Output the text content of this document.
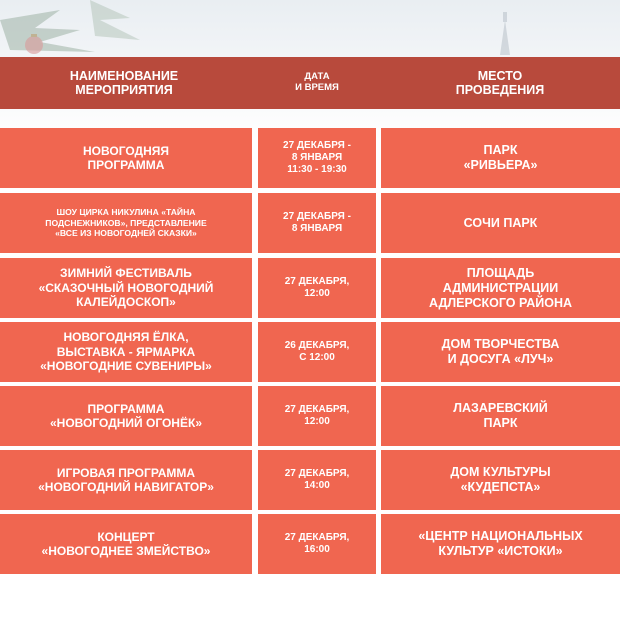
НАИМЕНОВАНИЕ
МЕРОПРИЯТИЯ
ДАТА
И ВРЕМЯ
МЕСТО
ПРОВЕДЕНИЯ
НОВОГОДНЯЯ
ПРОГРАММА
27 ДЕКАБРЯ -
8 ЯНВАРЯ
11:30 - 19:30
ПАРК
«РИВЬЕРА»
ШОУ ЦИРКА НИКУЛИНА «ТАЙНА
ПОДСНЕЖНИКОВ», ПРЕДСТАВЛЕНИЕ
«ВСЕ ИЗ НОВОГОДНЕЙ СКАЗКИ»
27 ДЕКАБРЯ -
8 ЯНВАРЯ	СОЧИ ПАРК
ЗИМНИЙ ФЕСТИВАЛЬ
«СКАЗОЧНЫЙ НОВОГОДНИЙ
КАЛЕЙДОСКОП»
27 ДЕКАБРЯ,
12:00
ПЛОЩАДЬ
АДМИНИСТРАЦИИ
АДЛЕРСКОГО РАЙОНА
НОВОГОДНЯЯ ЁЛКА,
ВЫСТАВКА - ЯРМАРКА
«НОВОГОДНИЕ СУВЕНИРЫ»
26 ДЕКАБРЯ,
С 12:00
ДОМ ТВОРЧЕСТВА
И ДОСУГА «ЛУЧ»
ПРОГРАММА
«НОВОГОДНИЙ ОГОНЁК»
27 ДЕКАБРЯ,
12:00
ЛАЗАРЕВСКИЙ
ПАРК
ИГРОВАЯ ПРОГРАММА
«НОВОГОДНИЙ НАВИГАТОР»
27 ДЕКАБРЯ,
14:00
ДОМ КУЛЬТУРЫ
«КУДЕПСТА»
КОНЦЕРТ
«НОВОГОДНЕЕ ЗМЕЙСТВО»
27 ДЕКАБРЯ,
16:00
«ЦЕНТР НАЦИОНАЛЬНЫХ
КУЛЬТУР «ИСТОКИ»
